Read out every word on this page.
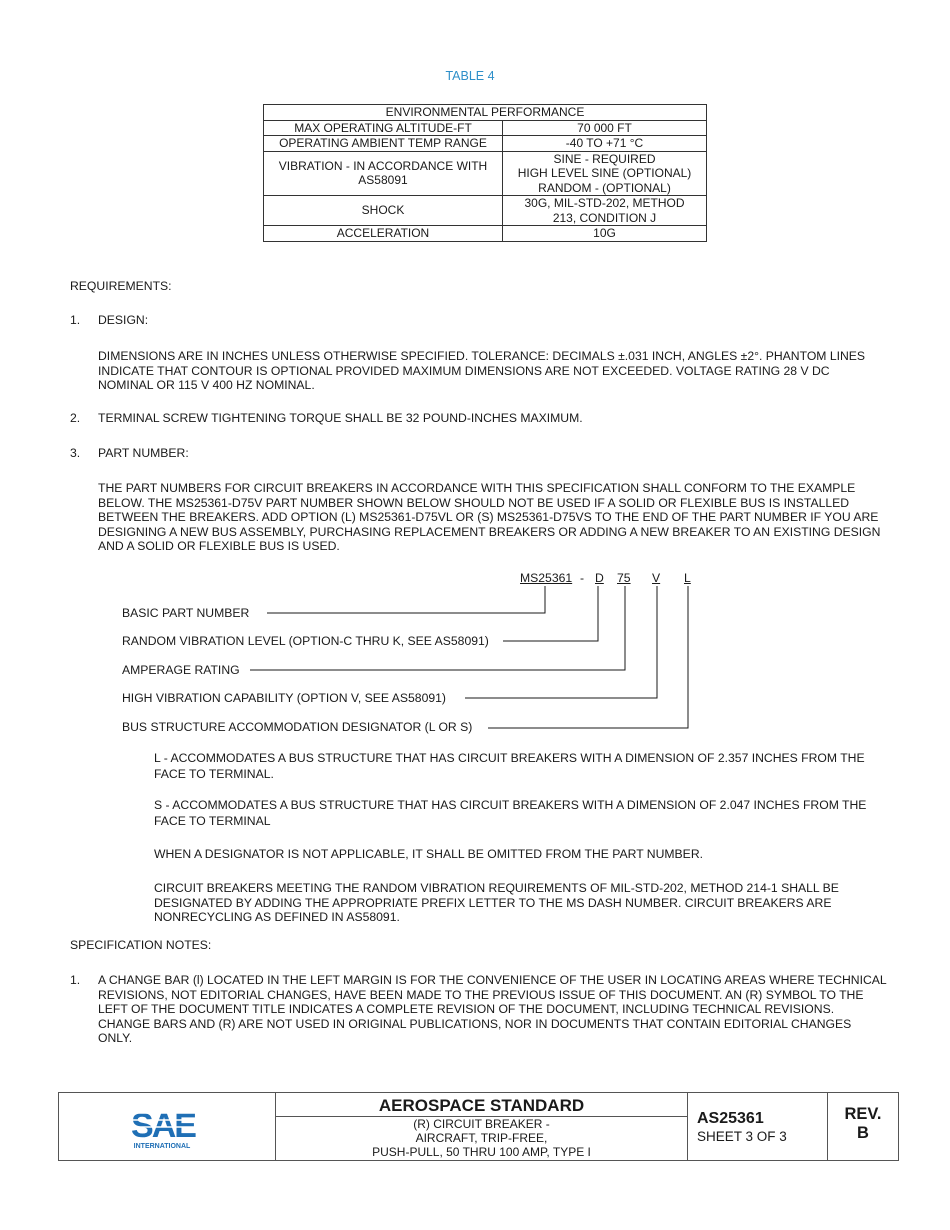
TABLE 4
ENVIRONMENTAL PERFORMANCE	
MAX OPERATING ALTITUDE-FT	70 000 FT
OPERATING AMBIENT TEMP RANGE	-40 TO +71 °C
VIBRATION - IN ACCORDANCE WITH AS58091	SINE - REQUIRED
HIGH LEVEL SINE (OPTIONAL)
RANDOM - (OPTIONAL)

SHOCK	30G, MIL-STD-202, METHOD 213, CONDITION J
ACCELERATION	10G
REQUIREMENTS:
1.	DESIGN:
DIMENSIONS ARE IN INCHES UNLESS OTHERWISE SPECIFIED. TOLERANCE: DECIMALS ±.031 INCH, ANGLES ±2°. PHANTOM LINES INDICATE THAT CONTOUR IS OPTIONAL PROVIDED MAXIMUM DIMENSIONS ARE NOT EXCEEDED. VOLTAGE RATING 28 V DC NOMINAL OR 115 V 400 HZ NOMINAL.
2.	TERMINAL SCREW TIGHTENING TORQUE SHALL BE 32 POUND-INCHES MAXIMUM.
3.	PART NUMBER:
THE PART NUMBERS FOR CIRCUIT BREAKERS IN ACCORDANCE WITH THIS SPECIFICATION SHALL CONFORM TO THE EXAMPLE BELOW. THE MS25361-D75V PART NUMBER SHOWN BELOW SHOULD NOT BE USED IF A SOLID OR FLEXIBLE BUS IS INSTALLED BETWEEN THE BREAKERS. ADD OPTION (L) MS25361-D75VL OR (S) MS25361-D75VS TO THE END OF THE PART NUMBER IF YOU ARE DESIGNING A NEW BUS ASSEMBLY, PURCHASING REPLACEMENT BREAKERS OR ADDING A NEW BREAKER TO AN EXISTING DESIGN AND A SOLID OR FLEXIBLE BUS IS USED.
MS25361 - D 75 V L
BASIC PART NUMBER
RANDOM VIBRATION LEVEL (OPTION-C THRU K, SEE AS58091)
AMPERAGE RATING
HIGH VIBRATION CAPABILITY (OPTION V, SEE AS58091)
BUS STRUCTURE ACCOMMODATION DESIGNATOR (L OR S)
L - ACCOMMODATES A BUS STRUCTURE THAT HAS CIRCUIT BREAKERS WITH A DIMENSION OF 2.357 INCHES FROM THE FACE TO TERMINAL.
S - ACCOMMODATES A BUS STRUCTURE THAT HAS CIRCUIT BREAKERS WITH A DIMENSION OF 2.047 INCHES FROM THE FACE TO TERMINAL
WHEN A DESIGNATOR IS NOT APPLICABLE, IT SHALL BE OMITTED FROM THE PART NUMBER.
CIRCUIT BREAKERS MEETING THE RANDOM VIBRATION REQUIREMENTS OF MIL-STD-202, METHOD 214-1 SHALL BE DESIGNATED BY ADDING THE APPROPRIATE PREFIX LETTER TO THE MS DASH NUMBER. CIRCUIT BREAKERS ARE NONRECYCLING AS DEFINED IN AS58091.
SPECIFICATION NOTES:
1.	A CHANGE BAR (l) LOCATED IN THE LEFT MARGIN IS FOR THE CONVENIENCE OF THE USER IN LOCATING AREAS WHERE TECHNICAL REVISIONS, NOT EDITORIAL CHANGES, HAVE BEEN MADE TO THE PREVIOUS ISSUE OF THIS DOCUMENT. AN (R) SYMBOL TO THE LEFT OF THE DOCUMENT TITLE INDICATES A COMPLETE REVISION OF THE DOCUMENT, INCLUDING TECHNICAL REVISIONS. CHANGE BARS AND (R) ARE NOT USED IN ORIGINAL PUBLICATIONS, NOR IN DOCUMENTS THAT CONTAIN EDITORIAL CHANGES ONLY.
SAE
INTERNATIONAL
AEROSPACE STANDARD
(R) CIRCUIT BREAKER -
AIRCRAFT, TRIP-FREE,
PUSH-PULL, 50 THRU 100 AMP, TYPE I
AS25361
SHEET 3 OF 3
REV.
B
